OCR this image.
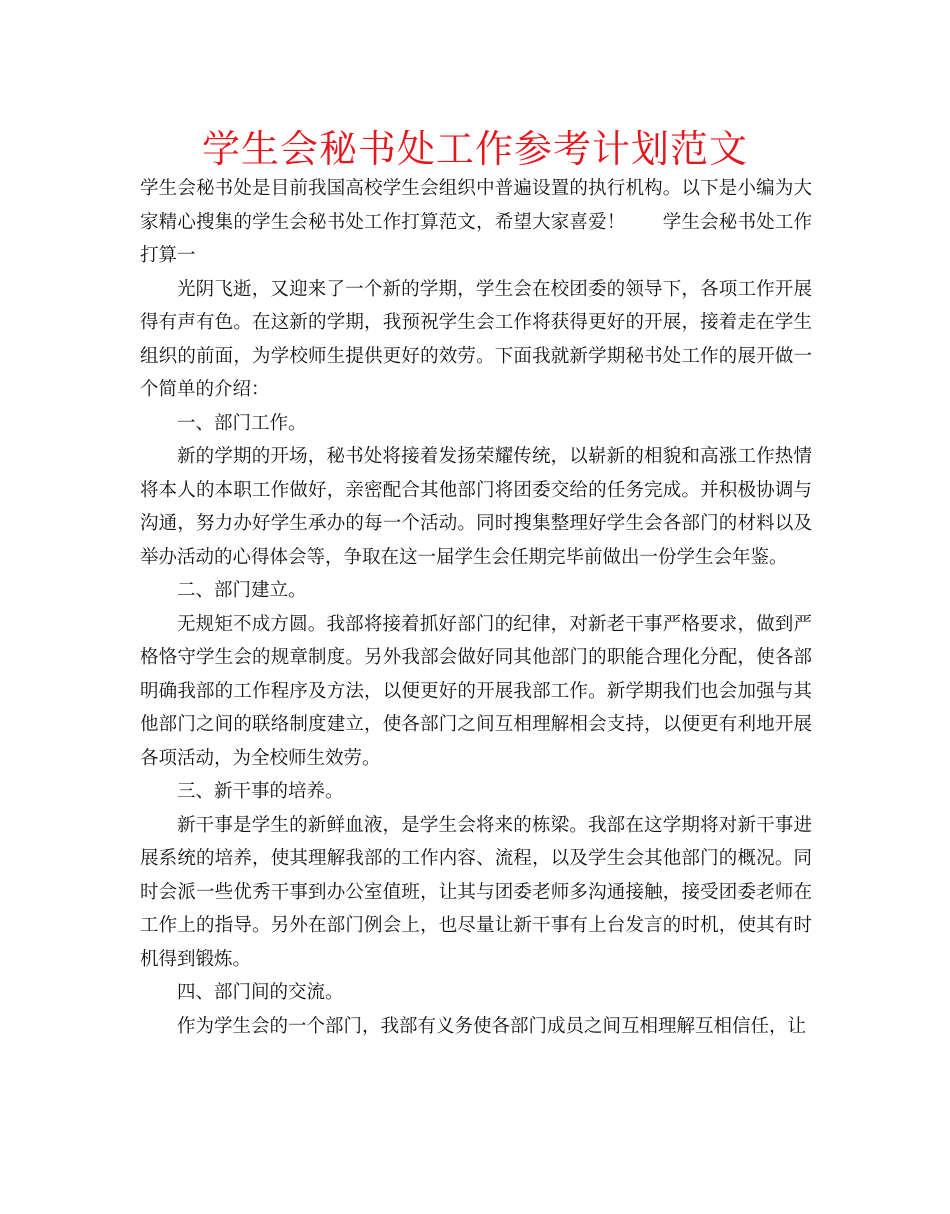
学生会秘书处工作参考计划范文

学生会秘书处是目前我国高校学生会组织中普遍设置的执行机构。以下是小编为大家精心搜集的学生会秘书处工作打算范文，希望大家喜爱！　　学生会秘书处工作打算一

光阴飞逝，又迎来了一个新的学期，学生会在校团委的领导下，各项工作开展得有声有色。在这新的学期，我预祝学生会工作将获得更好的开展，接着走在学生组织的前面，为学校师生提供更好的效劳。下面我就新学期秘书处工作的展开做一个简单的介绍：

一、部门工作。

新的学期的开场，秘书处将接着发扬荣耀传统，以崭新的相貌和高涨工作热情将本人的本职工作做好，亲密配合其他部门将团委交给的任务完成。并积极协调与沟通，努力办好学生承办的每一个活动。同时搜集整理好学生会各部门的材料以及举办活动的心得体会等，争取在这一届学生会任期完毕前做出一份学生会年鉴。

二、部门建立。

无规矩不成方圆。我部将接着抓好部门的纪律，对新老干事严格要求，做到严格恪守学生会的规章制度。另外我部会做好同其他部门的职能合理化分配，使各部明确我部的工作程序及方法，以便更好的开展我部工作。新学期我们也会加强与其他部门之间的联络制度建立，使各部门之间互相理解相会支持，以便更有利地开展各项活动，为全校师生效劳。

三、新干事的培养。

新干事是学生的新鲜血液，是学生会将来的栋梁。我部在这学期将对新干事进展系统的培养，使其理解我部的工作内容、流程，以及学生会其他部门的概况。同时会派一些优秀干事到办公室值班，让其与团委老师多沟通接触，接受团委老师在工作上的指导。另外在部门例会上，也尽量让新干事有上台发言的时机，使其有时机得到锻炼。

四、部门间的交流。

作为学生会的一个部门，我部有义务使各部门成员之间互相理解互相信任，让
